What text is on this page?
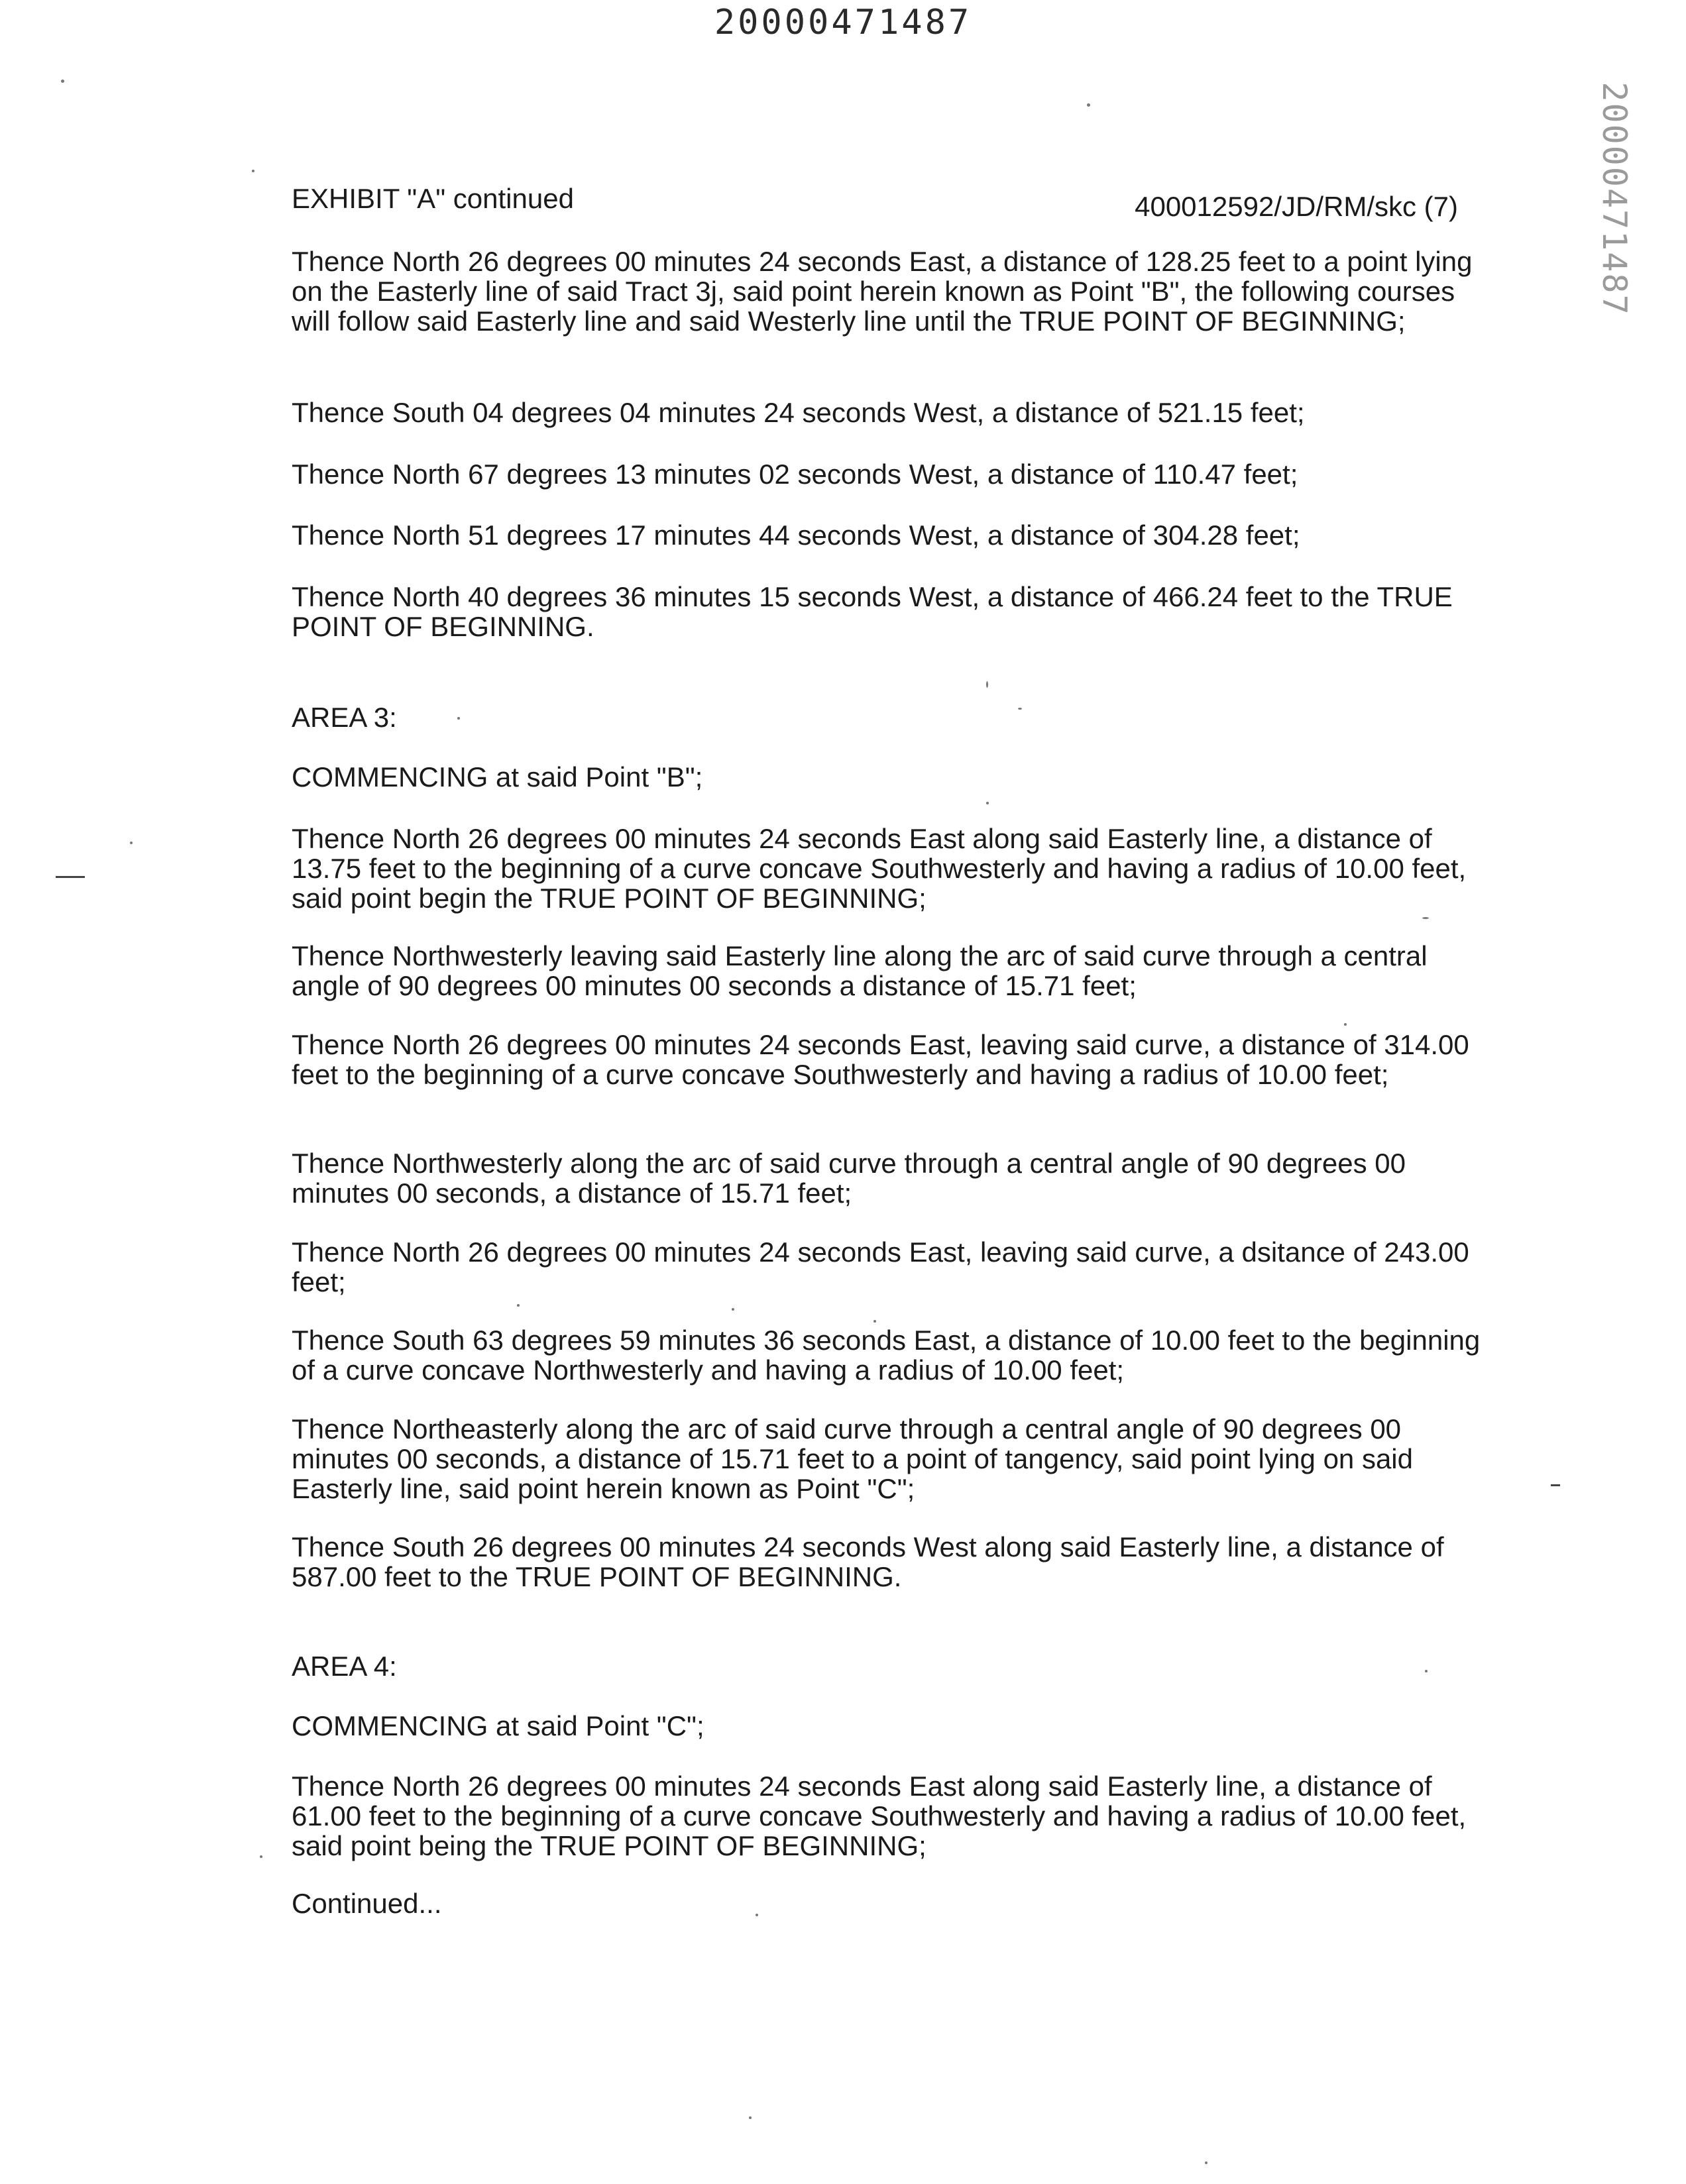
20000471487
20000471487
EXHIBIT "A" continued	400012592/JD/RM/skc (7)

Thence North 26 degrees 00 minutes 24 seconds East, a distance of 128.25 feet to a point lying on the Easterly line of said Tract 3j, said point herein known as Point "B", the following courses will follow said Easterly line and said Westerly line until the TRUE POINT OF BEGINNING;

Thence South 04 degrees 04 minutes 24 seconds West, a distance of 521.15 feet;

Thence North 67 degrees 13 minutes 02 seconds West, a distance of 110.47 feet;

Thence North 51 degrees 17 minutes 44 seconds West, a distance of 304.28 feet;

Thence North 40 degrees 36 minutes 15 seconds West, a distance of 466.24 feet to the TRUE POINT OF BEGINNING.

AREA 3:

COMMENCING at said Point "B";

Thence North 26 degrees 00 minutes 24 seconds East along said Easterly line, a distance of 13.75 feet to the beginning of a curve concave Southwesterly and having a radius of 10.00 feet, said point begin the TRUE POINT OF BEGINNING;

Thence Northwesterly leaving said Easterly line along the arc of said curve through a central angle of 90 degrees 00 minutes 00 seconds a distance of 15.71 feet;

Thence North 26 degrees 00 minutes 24 seconds East, leaving said curve, a distance of 314.00 feet to the beginning of a curve concave Southwesterly and having a radius of 10.00 feet;

Thence Northwesterly along the arc of said curve through a central angle of 90 degrees 00 minutes 00 seconds, a distance of 15.71 feet;

Thence North 26 degrees 00 minutes 24 seconds East, leaving said curve, a dsitance of 243.00 feet;

Thence South 63 degrees 59 minutes 36 seconds East, a distance of 10.00 feet to the beginning of a curve concave Northwesterly and having a radius of 10.00 feet;

Thence Northeasterly along the arc of said curve through a central angle of 90 degrees 00 minutes 00 seconds, a distance of 15.71 feet to a point of tangency, said point lying on said Easterly line, said point herein known as Point "C";

Thence South 26 degrees 00 minutes 24 seconds West along said Easterly line, a distance of 587.00 feet to the TRUE POINT OF BEGINNING.

AREA 4:

COMMENCING at said Point "C";

Thence North 26 degrees 00 minutes 24 seconds East along said Easterly line, a distance of 61.00 feet to the beginning of a curve concave Southwesterly and having a radius of 10.00 feet, said point being the TRUE POINT OF BEGINNING;

Continued...
